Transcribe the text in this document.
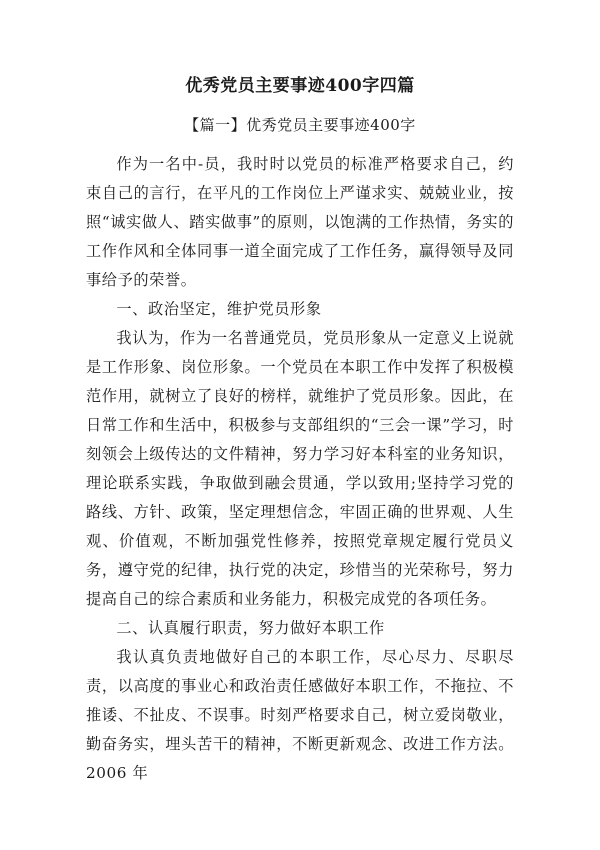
优秀党员主要事迹400字四篇
【篇一】优秀党员主要事迹400字

作为一名中-员，我时时以党员的标准严格要求自己，约束自己的言行，在平凡的工作岗位上严谨求实、兢兢业业，按照“诚实做人、踏实做事”的原则，以饱满的工作热情，务实的工作作风和全体同事一道全面完成了工作任务，赢得领导及同事给予的荣誉。

一、政治坚定，维护党员形象

我认为，作为一名普通党员，党员形象从一定意义上说就是工作形象、岗位形象。一个党员在本职工作中发挥了积极模范作用，就树立了良好的榜样，就维护了党员形象。因此，在日常工作和生活中，积极参与支部组织的“三会一课”学习，时刻领会上级传达的文件精神，努力学习好本科室的业务知识，理论联系实践，争取做到融会贯通，学以致用;坚持学习党的路线、方针、政策，坚定理想信念，牢固正确的世界观、人生观、价值观，不断加强党性修养，按照党章规定履行党员义务，遵守党的纪律，执行党的决定，珍惜当的光荣称号，努力提高自己的综合素质和业务能力，积极完成党的各项任务。

二、认真履行职责，努力做好本职工作

我认真负责地做好自己的本职工作，尽心尽力、尽职尽责，以高度的事业心和政治责任感做好本职工作，不拖拉、不推诿、不扯皮、不误事。时刻严格要求自己，树立爱岗敬业，勤奋务实，埋头苦干的精神，不断更新观念、改进工作方法。2006 年
